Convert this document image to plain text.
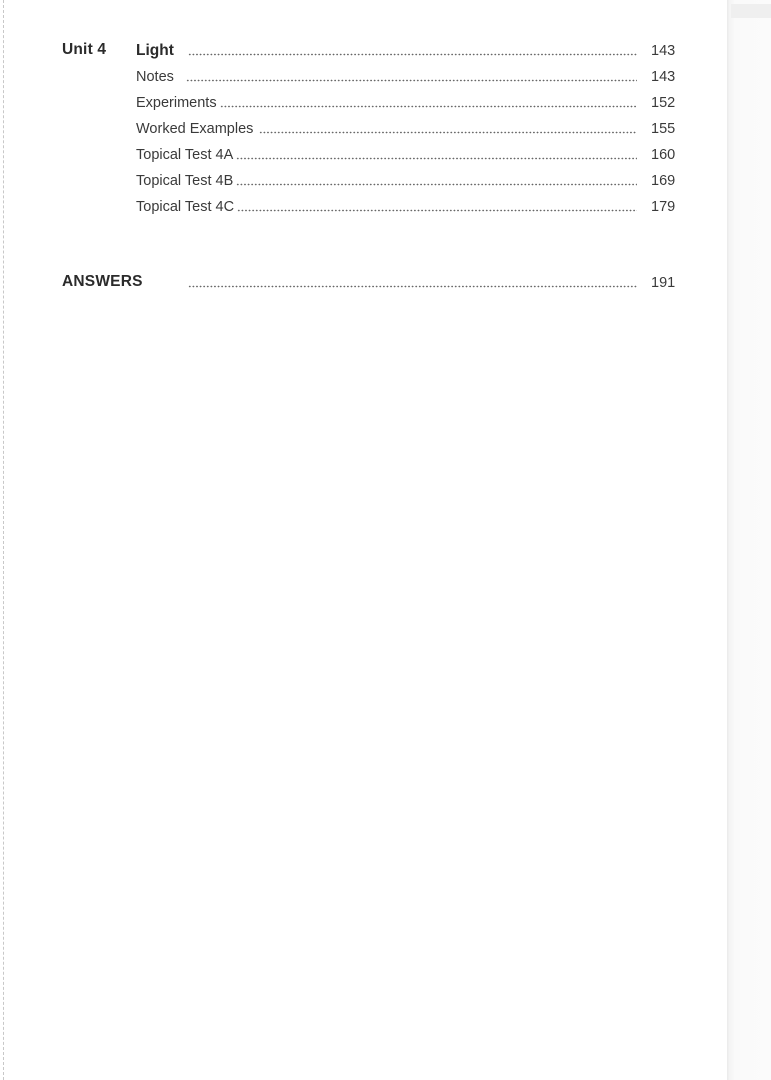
Unit 4 Light	143
Notes	143
Experiments	152
Worked Examples	155
Topical Test 4A	160
Topical Test 4B	169
Topical Test 4C	179
ANSWERS	191
